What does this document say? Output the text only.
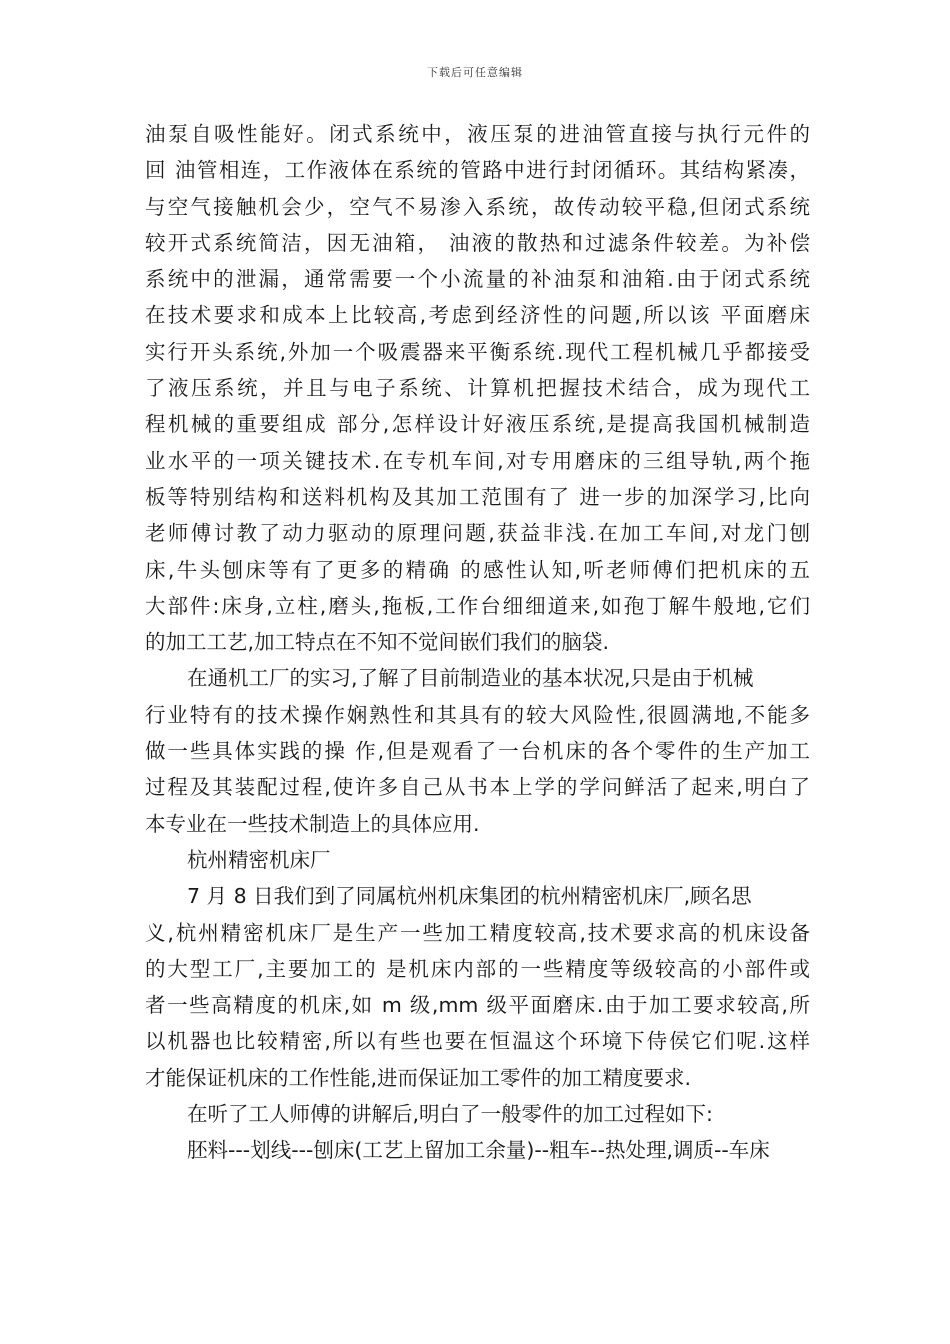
下载后可任意编辑
油泵自吸性能好。闭式系统中，液压泵的进油管直接与执行元件的
回 油管相连，工作液体在系统的管路中进行封闭循环。其结构紧凑，
与空气接触机会少，空气不易渗入系统，故传动较平稳,但闭式系统
较开式系统简洁，因无油箱， 油液的散热和过滤条件较差。为补偿
系统中的泄漏，通常需要一个小流量的补油泵和油箱.由于闭式系统
在技术要求和成本上比较高,考虑到经济性的问题,所以该 平面磨床
实行开头系统,外加一个吸震器来平衡系统.现代工程机械几乎都接受
了液压系统，并且与电子系统、计算机把握技术结合，成为现代工
程机械的重要组成 部分,怎样设计好液压系统,是提高我国机械制造
业水平的一项关键技术.在专机车间,对专用磨床的三组导轨,两个拖
板等特别结构和送料机构及其加工范围有了 进一步的加深学习,比向
老师傅讨教了动力驱动的原理问题,获益非浅.在加工车间,对龙门刨
床,牛头刨床等有了更多的精确 的感性认知,听老师傅们把机床的五
大部件:床身,立柱,磨头,拖板,工作台细细道来,如孢丁解牛般地,它们
的加工工艺,加工特点在不知不觉间嵌们我们的脑袋.
在通机工厂的实习,了解了目前制造业的基本状况,只是由于机械
行业特有的技术操作娴熟性和其具有的较大风险性,很圆满地,不能多
做一些具体实践的操 作,但是观看了一台机床的各个零件的生产加工
过程及其装配过程,使许多自己从书本上学的学问鲜活了起来,明白了
本专业在一些技术制造上的具体应用.
杭州精密机床厂
7 月 8 日我们到了同属杭州机床集团的杭州精密机床厂,顾名思
义,杭州精密机床厂是生产一些加工精度较高,技术要求高的机床设备
的大型工厂,主要加工的 是机床内部的一些精度等级较高的小部件或
者一些高精度的机床,如 m 级,mm 级平面磨床.由于加工要求较高,所
以机器也比较精密,所以有些也要在恒温这个环境下侍侯它们呢.这样
才能保证机床的工作性能,进而保证加工零件的加工精度要求.
在听了工人师傅的讲解后,明白了一般零件的加工过程如下:
胚料---划线---刨床(工艺上留加工余量)--粗车--热处理,调质--车床
